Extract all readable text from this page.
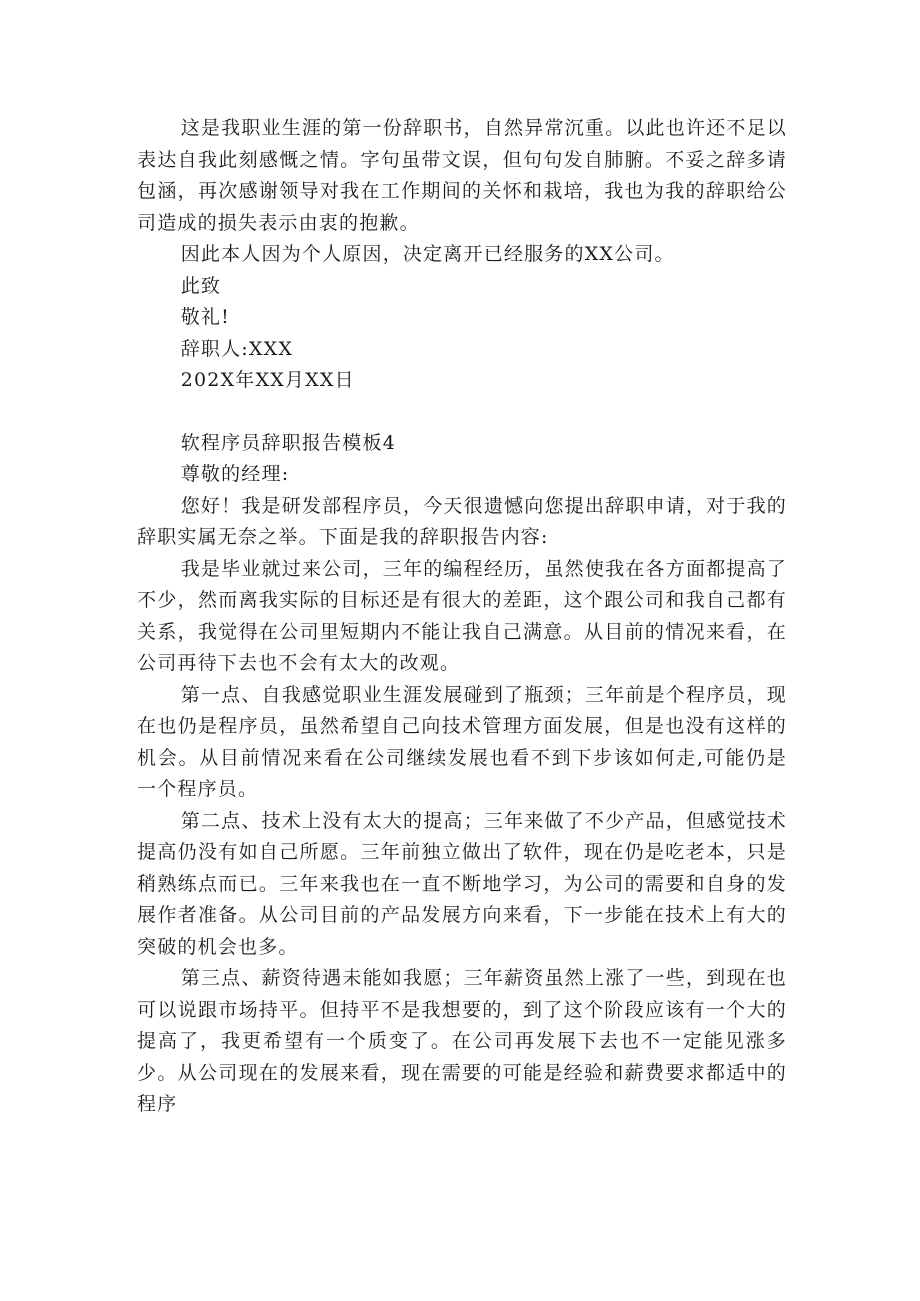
这是我职业生涯的第一份辞职书，自然异常沉重。以此也许还不足以表达自我此刻感慨之情。字句虽带文误，但句句发自肺腑。不妥之辞多请包涵，再次感谢领导对我在工作期间的关怀和栽培，我也为我的辞职给公司造成的损失表示由衷的抱歉。

因此本人因为个人原因，决定离开已经服务的XX公司。

此致

敬礼!

辞职人:XXX

202X年XX月XX日

软程序员辞职报告模板4

尊敬的经理:

您好！我是研发部程序员，今天很遗憾向您提出辞职申请，对于我的辞职实属无奈之举。下面是我的辞职报告内容:

我是毕业就过来公司，三年的编程经历，虽然使我在各方面都提高了不少，然而离我实际的目标还是有很大的差距，这个跟公司和我自己都有关系，我觉得在公司里短期内不能让我自己满意。从目前的情况来看，在公司再待下去也不会有太大的改观。

第一点、自我感觉职业生涯发展碰到了瓶颈；三年前是个程序员，现在也仍是程序员，虽然希望自己向技术管理方面发展，但是也没有这样的机会。从目前情况来看在公司继续发展也看不到下步该如何走,可能仍是一个程序员。

第二点、技术上没有太大的提高；三年来做了不少产品，但感觉技术提高仍没有如自己所愿。三年前独立做出了软件，现在仍是吃老本，只是稍熟练点而已。三年来我也在一直不断地学习，为公司的需要和自身的发展作者准备。从公司目前的产品发展方向来看，下一步能在技术上有大的突破的机会也多。

第三点、薪资待遇未能如我愿；三年薪资虽然上涨了一些，到现在也可以说跟市场持平。但持平不是我想要的，到了这个阶段应该有一个大的提高了，我更希望有一个质变了。在公司再发展下去也不一定能见涨多少。从公司现在的发展来看，现在需要的可能是经验和薪费要求都适中的程序
